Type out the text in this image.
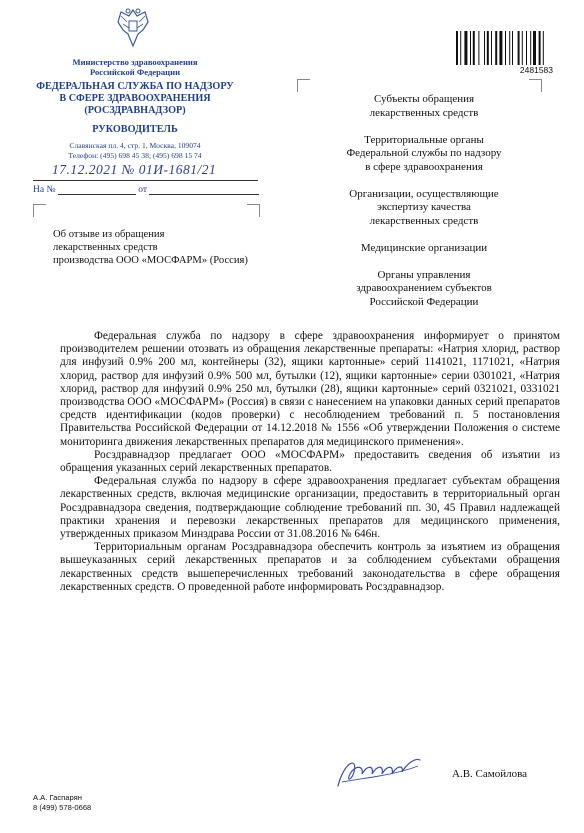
Министерство здравоохранения
Российской Федерации
ФЕДЕРАЛЬНАЯ СЛУЖБА ПО НАДЗОРУ
В СФЕРЕ ЗДРАВООХРАНЕНИЯ
(РОСЗДРАВНАДЗОР)
РУКОВОДИТЕЛЬ
Славянская пл. 4, стр. 1, Москва, 109074
Телефон: (495) 698 45 38; (495) 698 15 74
17.12.2021 № 01И-1681/21
На №	от
2481583
Об отзыве из обращения
лекарственных средств
производства ООО «МОСФАРМ» (Россия)
Субъекты обращения
лекарственных средств
Территориальные органы
Федеральной службы по надзору
в сфере здравоохранения
Организации, осуществляющие
экспертизу качества
лекарственных средств
Медицинские организации
Органы управления
здравоохранением субъектов
Российской Федерации

Федеральная служба по надзору в сфере здравоохранения информирует о принятом производителем решении отозвать из обращения лекарственные препараты: «Натрия хлорид, раствор для инфузий 0.9% 200 мл, контейнеры (32), ящики картонные» серий 1141021, 1171021, «Натрия хлорид, раствор для инфузий 0.9% 500 мл, бутылки (12), ящики картонные» серии 0301021, «Натрия хлорид, раствор для инфузий 0.9% 250 мл, бутылки (28), ящики картонные» серий 0321021, 0331021 производства ООО «МОСФАРМ» (Россия) в связи с нанесением на упаковки данных серий препаратов средств идентификации (кодов проверки) с несоблюдением требований п. 5 постановления Правительства Российской Федерации от 14.12.2018 № 1556 «Об утверждении Положения о системе мониторинга движения лекарственных препаратов для медицинского применения».

Росздравнадзор предлагает ООО «МОСФАРМ» предоставить сведения об изъятии из обращения указанных серий лекарственных препаратов.

Федеральная служба по надзору в сфере здравоохранения предлагает субъектам обращения лекарственных средств, включая медицинские организации, предоставить в территориальный орган Росздравнадзора сведения, подтверждающие соблюдение требований пп. 30, 45 Правил надлежащей практики хранения и перевозки лекарственных препаратов для медицинского применения, утвержденных приказом Минздрава России от 31.08.2016 № 646н.

Территориальным органам Росздравнадзора обеспечить контроль за изъятием из обращения вышеуказанных серий лекарственных препаратов и за соблюдением субъектами обращения лекарственных средств вышеперечисленных требований законодательства в сфере обращения лекарственных средств. О проведенной работе информировать Росздравнадзор.

А.В. Самойлова
А.А. Гаспарян
8 (499) 578-0668
